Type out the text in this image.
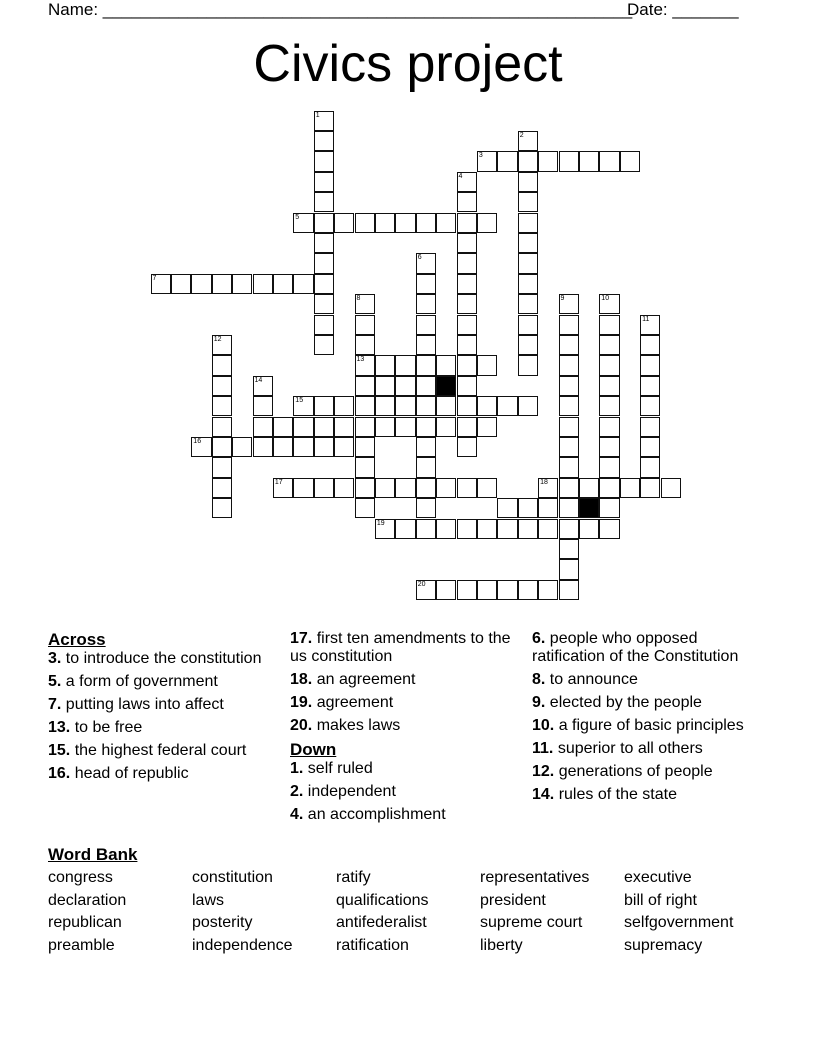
Name: ________________________________________________________
Date: _______
Civics project
1
2
3
4
5
6
7
8	9	10
11
12
13
14
15
16
17	18
19
20
Across

3. to introduce the constitution

5. a form of government

7. putting laws into affect

13. to be free

15. the highest federal court

16. head of republic

17. first ten amendments to the us constitution

18. an agreement

19. agreement

20. makes laws

Down

1. self ruled

2. independent

4. an accomplishment

6. people who opposed ratification of the Constitution

8. to announce

9. elected by the people

10. a figure of basic principles

11. superior to all others

12. generations of people

14. rules of the state

Word Bank
congress	constitution	ratify	representatives executive
declaration	laws	qualifications	president	bill of right
republican	posterity	antifederalist	supreme court	selfgovernment
preamble	independence	ratification	liberty	supremacy
